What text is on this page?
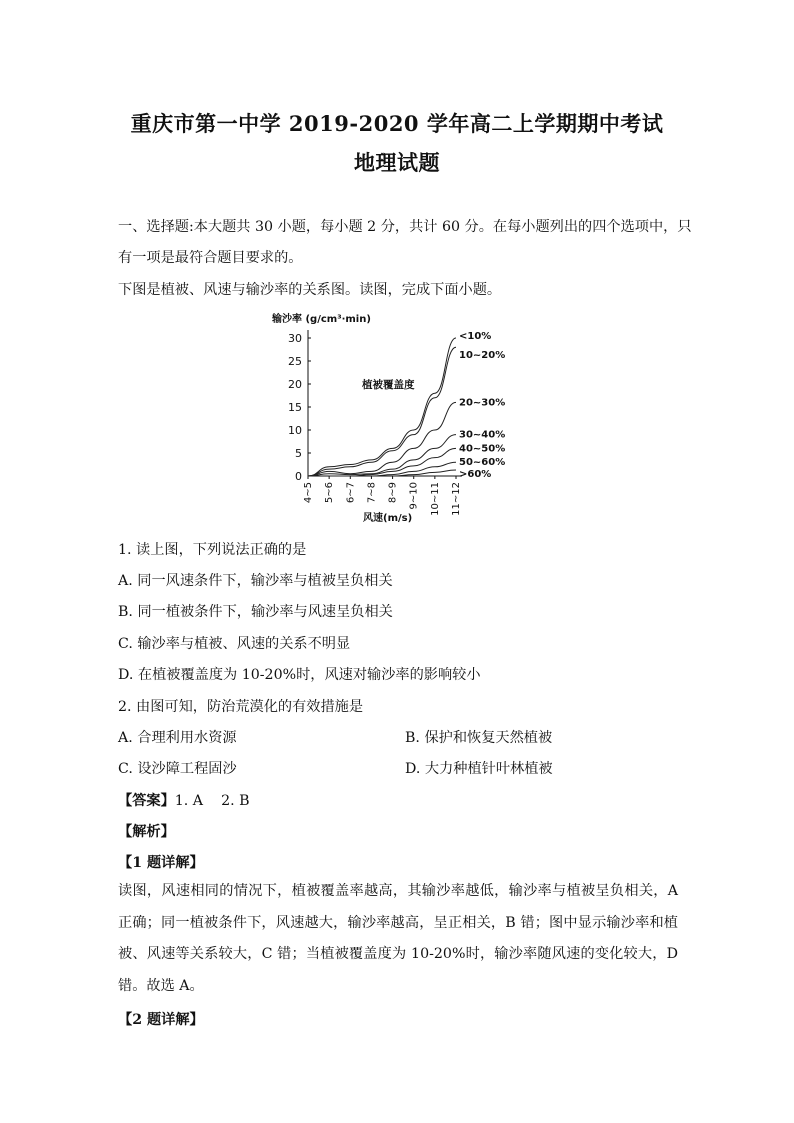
重庆市第一中学 2019-2020 学年高二上学期期中考试
地理试题
一、选择题:本大题共 30 小题，每小题 2 分，共计 60 分。在每小题列出的四个选项中，只
有一项是最符合题目要求的。
下图是植被、风速与输沙率的关系图。读图，完成下面小题。
输沙率 (g/cm³·min)
风速(m/s)
植被覆盖度
0
5
10
15
20
25
30
4~5 5~6 6~7 7~8 8~9 9~10 10~11 11~12
<10%
10~20%
20~30%
30~40%
40~50%
50~60%
>60%
1. 读上图，下列说法正确的是
A. 同一风速条件下，输沙率与植被呈负相关
B. 同一植被条件下，输沙率与风速呈负相关
C. 输沙率与植被、风速的关系不明显
D. 在植被覆盖度为 10-20%时，风速对输沙率的影响较小
2. 由图可知，防治荒漠化的有效措施是
A. 合理利用水资源	B. 保护和恢复天然植被
C. 设沙障工程固沙	D. 大力种植针叶林植被
【答案】1. A    2. B
【解析】
【1 题详解】
读图，风速相同的情况下，植被覆盖率越高，其输沙率越低，输沙率与植被呈负相关，A 正确；同一植被条件下，风速越大，输沙率越高，呈正相关，B 错；图中显示输沙率和植被、风速等关系较大，C 错；当植被覆盖度为 10-20%时，输沙率随风速的变化较大，D 错。故选 A。
【2 题详解】
